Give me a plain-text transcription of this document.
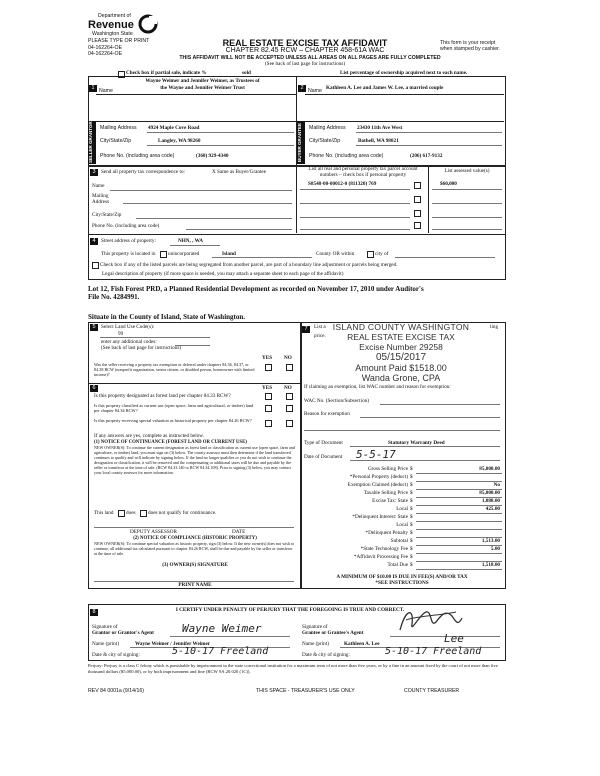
Department of
Revenue
Washington State
PLEASE TYPE OR PRINT
04-162264-OE
04-162264-OE
REAL ESTATE EXCISE TAX AFFIDAVIT
CHAPTER 82.45 RCW – CHAPTER 458-61A WAC
THIS AFFIDAVIT WILL NOT BE ACCEPTED UNLESS ALL AREAS ON ALL PAGES ARE FULLY COMPLETED
(See back of last page for instructions)
This form is your receipt
when stamped by cashier.
Check box if partial sale, indicate %	sold	List percentage of ownership acquired next to each name.
SELLER GRANTOR
1
Wayne Weimer and Jennifer Weimer, as Trustees of
Name	the Wayne and Jennifer Weimer Trust
Mailing Address 4924 Maple Cove Road
City/State/Zip	Langley, WA 98260
Phone No. (including area code)	(360) 929-4340	BUYER GRANTEE
2 Name Kathleen A. Lee and James W. Lee, a married couple
Mailing Address 23430 11th Ave West
City/State/Zip	Bothell, WA 98021
Phone No. (including area code)	(206) 617-9132
3	Send all property tax correspondence to:	X Same as Buyer/Grantee
Name
Mailing Address
City/State/Zip
Phone No. (including area code)
List all real and personal property tax parcel account
numbers – check box if personal property
S8548-00-00012-0 (811320) 769
List assessed value(s)
$60,000
4	Street address of property:	NHN, , WA
This property is located in unincorporated	Island	County OR within	city of
Check box if any of the listed parcels are being segregated from another parcel, are part of a boundary line adjustment or parcels being merged.
Legal description of property (if more space is needed, you may attach a separate sheet to each page of the affidavit)
Lot 12, Fish Forest PRD, a Planned Residential Development as recorded on November 17, 2010 under Auditor's
File No. 4284991.
Situate in the County of Island, State of Washington.
5	Select Land Use Code(s):
99
enter any additional codes:
(See back of last page for instructions)
YES NO
Was the seller receiving a property tax exemption or deferral under chapters 84.36, 84.37, or 84.38 RCW (nonprofit organization, senior citizen, or disabled person, homeowner with limited income)?
6	YES NO
Is this property designated as forest land per chapter 84.33 RCW?
Is this property classified as current use (open space, farm and agricultural, or timber) land per chapter 84.34 RCW?
Is this property receiving special valuation as historical property per chapter 84.26 RCW?
If any answers are yes, complete as instructed below.
(1) NOTICE OF CONTINUANCE (FOREST LAND OR CURRENT USE)
NEW OWNER(S): To continue the current designation as forest land or classification as current use (open space, farm and agriculture, or timber) land, you must sign on (3) below. The county assessor must then determine if the land transferred continues to qualify and will indicate by signing below. If the land no longer qualifies or you do not wish to continue the designation or classification, it will be removed and the compensating or additional taxes will be due and payable by the seller or transferor at the time of sale. (RCW 84.33.140 or RCW 84.34.108). Prior to signing (3) below, you may contact your local county assessor for more information.
This land does does not qualify for continuance.
DEPUTY ASSESSOR	DATE
(2) NOTICE OF COMPLIANCE (HISTORIC PROPERTY)
NEW OWNER(S): To continue special valuation as historic property, sign (3) below. If the new owner(s) does not wish to continue, all additional tax calculated pursuant to chapter 84.26 RCW, shall be due and payable by the seller or transferor at the time of sale.
(3) OWNER(S) SIGNATURE
PRINT NAME
7	List a
price.
ling
ISLAND COUNTY WASHINGTON
REAL ESTATE EXCISE TAX
Excise Number 29258
05/15/2017
Amount Paid $1518.00
Wanda Grone, CPA
If claiming an exemption, list WAC number and reason for exemption:
WAC No. (Section/Subsection)
Reason for exemption
Type of Document	Statutory Warranty Deed
Date of Document 5-5-17
Gross Selling Price $	85,000.00
*Personal Property (deduct) $
Exemption Claimed (deduct) $	No
Taxable Selling Price $	85,000.00
Excise Tax: State $	1,088.00
Local $	425.00
*Delinquent Interest: State $
Local $
*Delinquent Penalty $
Subtotal $	1,513.00
*State Technology Fee $	5.00
*Affidavit Processing Fee $
Total Due $	1,518.00
A MINIMUM OF $10.00 IS DUE IN FEE(S) AND/OR TAX
*SEE INSTRUCTIONS
8	I CERTIFY UNDER PENALTY OF PERJURY THAT THE FOREGOING IS TRUE AND CORRECT.
Signature of
Grantor or Grantor's Agent	Wayne Weimer
Name (print)	Wayne Weimer / Jennifer Weimer
Date & city of signing:	5-10-17 Freeland
Signature of
Grantee or Grantee's Agent
Name (print)	Kathleen A. Lee	Lee
Date & city of signing:	5-10-17 Freeland
Perjury: Perjury is a class C felony which is punishable by imprisonment in the state correctional institution for a maximum term of not more than five years, or by a fine in an amount fixed by the court of not more than five thousand dollars ($5,000.00), or by both imprisonment and fine (RCW 9A.20.020 (1C)).
REV 84 0001a (9/14/16)	THIS SPACE - TREASURER'S USE ONLY	COUNTY TREASURER
